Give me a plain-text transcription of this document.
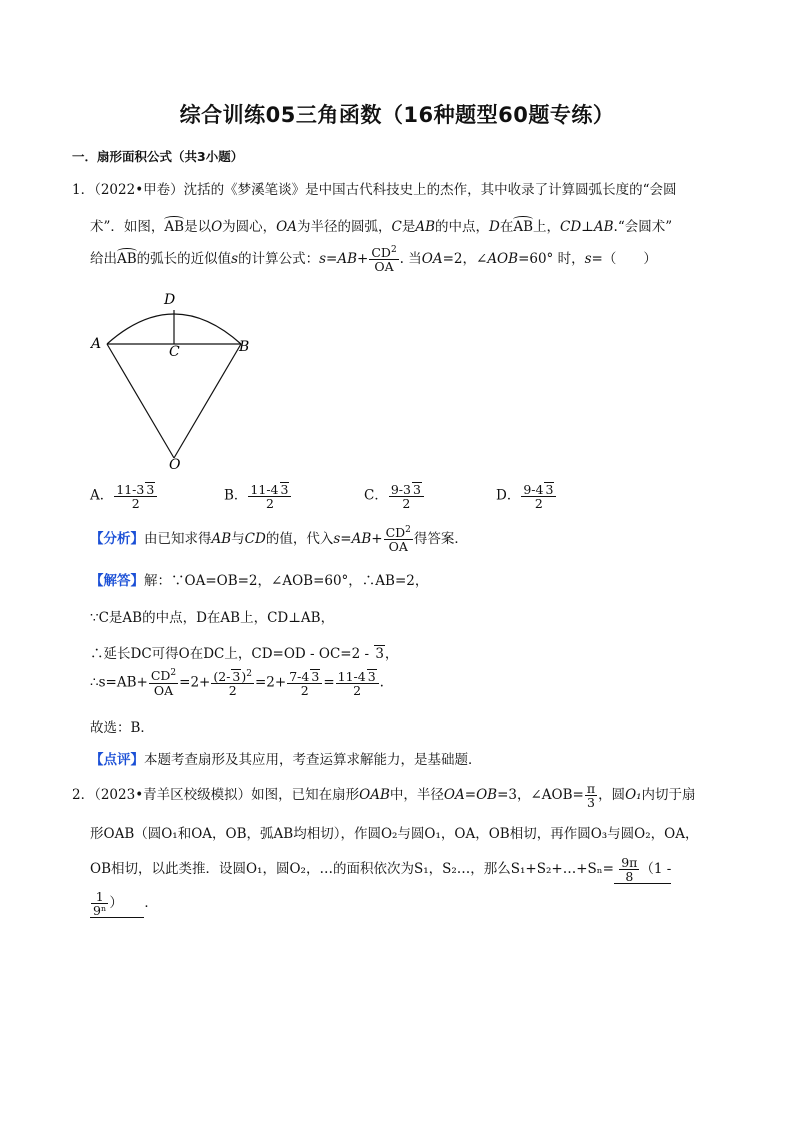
综合训练05三角函数（16种题型60题专练）
一．扇形面积公式（共3小题）
1．（2022•甲卷）沈括的《梦溪笔谈》是中国古代科技史上的杰作，其中收录了计算圆弧长度的“会圆
术”．如图，AB是以O为圆心，OA为半径的圆弧，C是AB的中点，D在AB上，CD⊥AB.“会圆术”
给出AB的弧长的近似值s的计算公式：$s=AB+ \frac{CD^2}{OA}$ . 当OA=2，∠AOB=60° 时，s=（　　）
A	B
C
D
O
A． $\frac{11-3 3}{2}$	B． $\frac{11-4 3}{2}$	C． $\frac{9-3 3}{2}$	D． $\frac{9-4 3}{2}$
【分析】由已知求得AB与CD的值，代入$s=AB+ \frac{CD^2}{OA}$ 得答案．
【解答】解：∵OA=OB=2，∠AOB=60°，∴AB=2，
∵C是AB的中点，D在AB上，CD⊥AB，
∴延长DC可得O在DC上，CD=OD - OC=2 - 3，
∴s=AB+ $\frac{CD^2}{OA} =2+ \frac{(2- 3)^2}{2} =2+ \frac{7-4 3}{2} = \frac{11-4 3}{2}$ .
故选：B．
【点评】本题考查扇形及其应用，考查运算求解能力，是基础题．
2．（2023•青羊区校级模拟）如图，已知在扇形OAB中，半径OA=OB=3，∠AOB= $\frac{\pi}{3}$ ，圆O₁内切于扇
形OAB（圆O₁和OA，OB，弧AB均相切），作圆O₂与圆O₁，OA，OB相切，再作圆O₃与圆O₂，OA，
OB相切，以此类推．设圆O₁，圆O₂，…的面积依次为S₁，S₂…，那么S₁+S₂+…+Sₙ= $\frac{9\pi}{8} (1$ -
$\frac{1}{\text{9ⁿ}}$ ） ．
